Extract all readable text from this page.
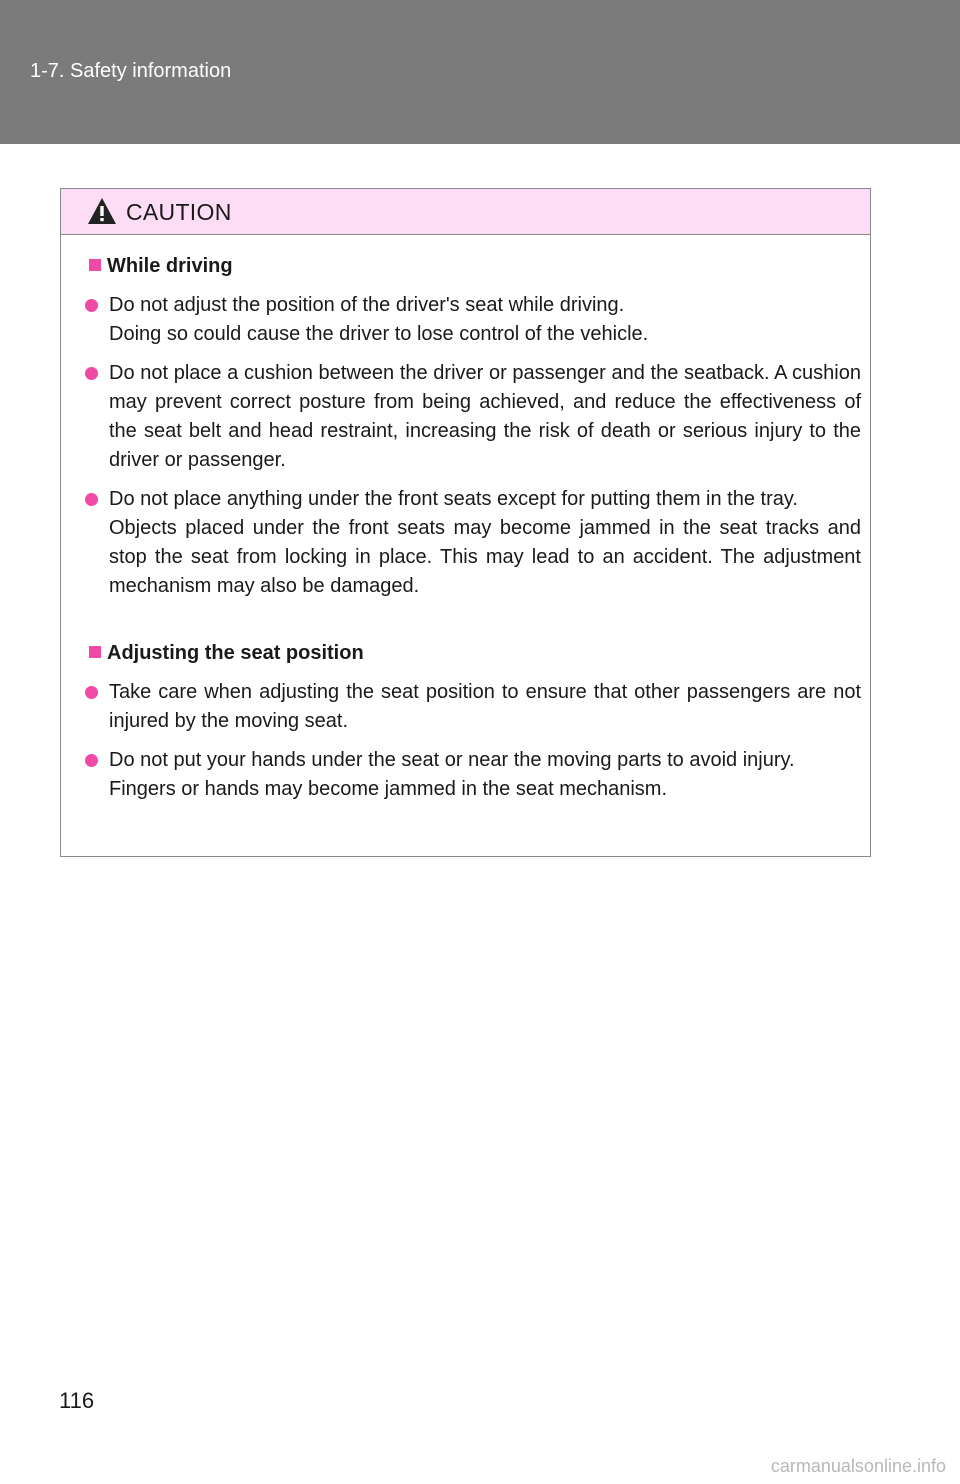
1-7. Safety information
CAUTION
While driving

Do not adjust the position of the driver's seat while driving.

Doing so could cause the driver to lose control of the vehicle.

Do not place a cushion between the driver or passenger and the seatback. A cushion may prevent correct posture from being achieved, and reduce the effectiveness of the seat belt and head restraint, increasing the risk of death or serious injury to the driver or passenger.

Do not place anything under the front seats except for putting them in the tray.

Objects placed under the front seats may become jammed in the seat tracks and stop the seat from locking in place. This may lead to an accident. The adjustment mechanism may also be damaged.

Adjusting the seat position

Take care when adjusting the seat position to ensure that other passengers are not injured by the moving seat.

Do not put your hands under the seat or near the moving parts to avoid injury.

Fingers or hands may become jammed in the seat mechanism.

116
carmanualsonline.info
